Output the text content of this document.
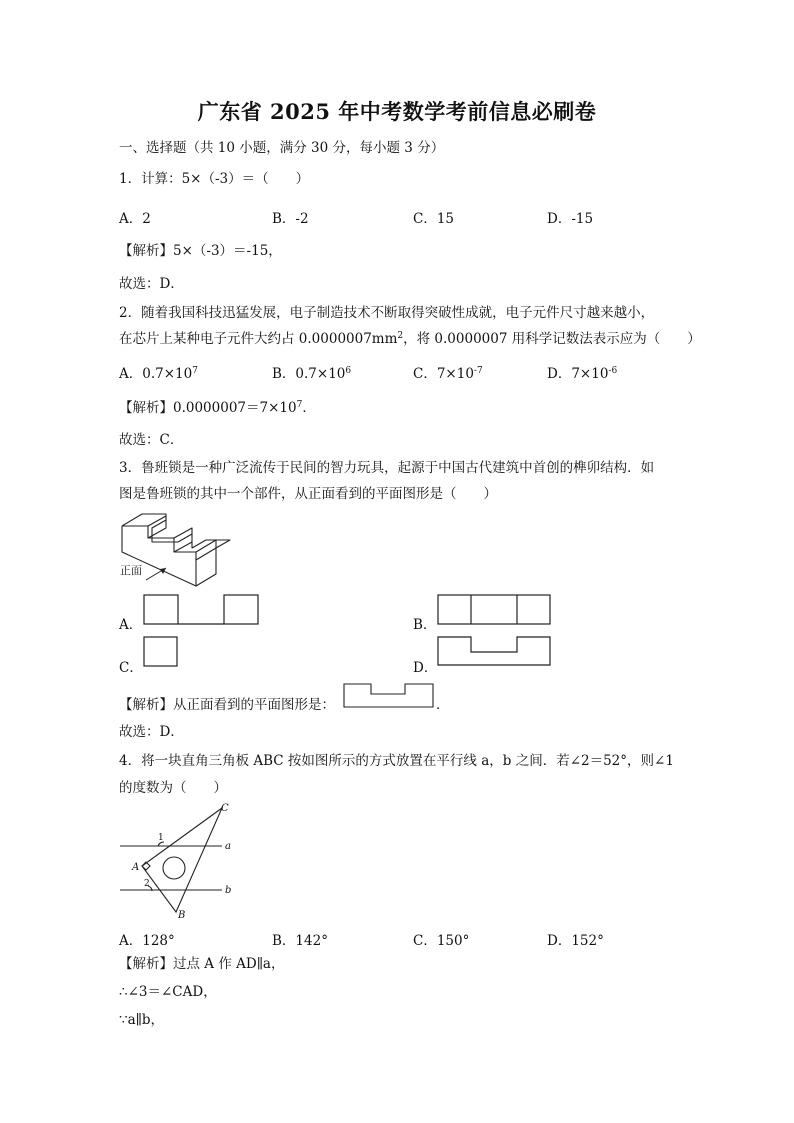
广东省 2025 年中考数学考前信息必刷卷
一、选择题（共 10 小题，满分 30 分，每小题 3 分）
1．计算：5×（-3）＝（　　）
A．2	B．-2	C．15	D．-15
【解析】5×（-3）＝-15，
故选：D．
2．随着我国科技迅猛发展，电子制造技术不断取得突破性成就，电子元件尺寸越来越小，
在芯片上某种电子元件大约占 $0.0000007mm^2$，将 0.0000007 用科学记数法表示应为（　　）
A．$0.7\times 10^7$	B．$0.7\times 10^6$	C．$7\times 10^{-7}$	D．$7\times 10^{-6}$
【解析】$0.0000007=7\times 10^7$．
故选：C．
3．鲁班锁是一种广泛流传于民间的智力玩具，起源于中国古代建筑中首创的榫卯结构．如
图是鲁班锁的其中一个部件，从正面看到的平面图形是（　　）
正面
A．	B．
C．	D．
【解析】从正面看到的平面图形是：	．
故选：D．
4．将一块直角三角板 ABC 按如图所示的方式放置在平行线 a，b 之间．若∠2＝52°，则∠1
的度数为（　　）
C
A
B
a
b
1
2
A．128°	B．142°	C．150°	D．152°
【解析】过点 A 作 AD∥a，
∴∠3＝∠CAD，
∵a∥b，
